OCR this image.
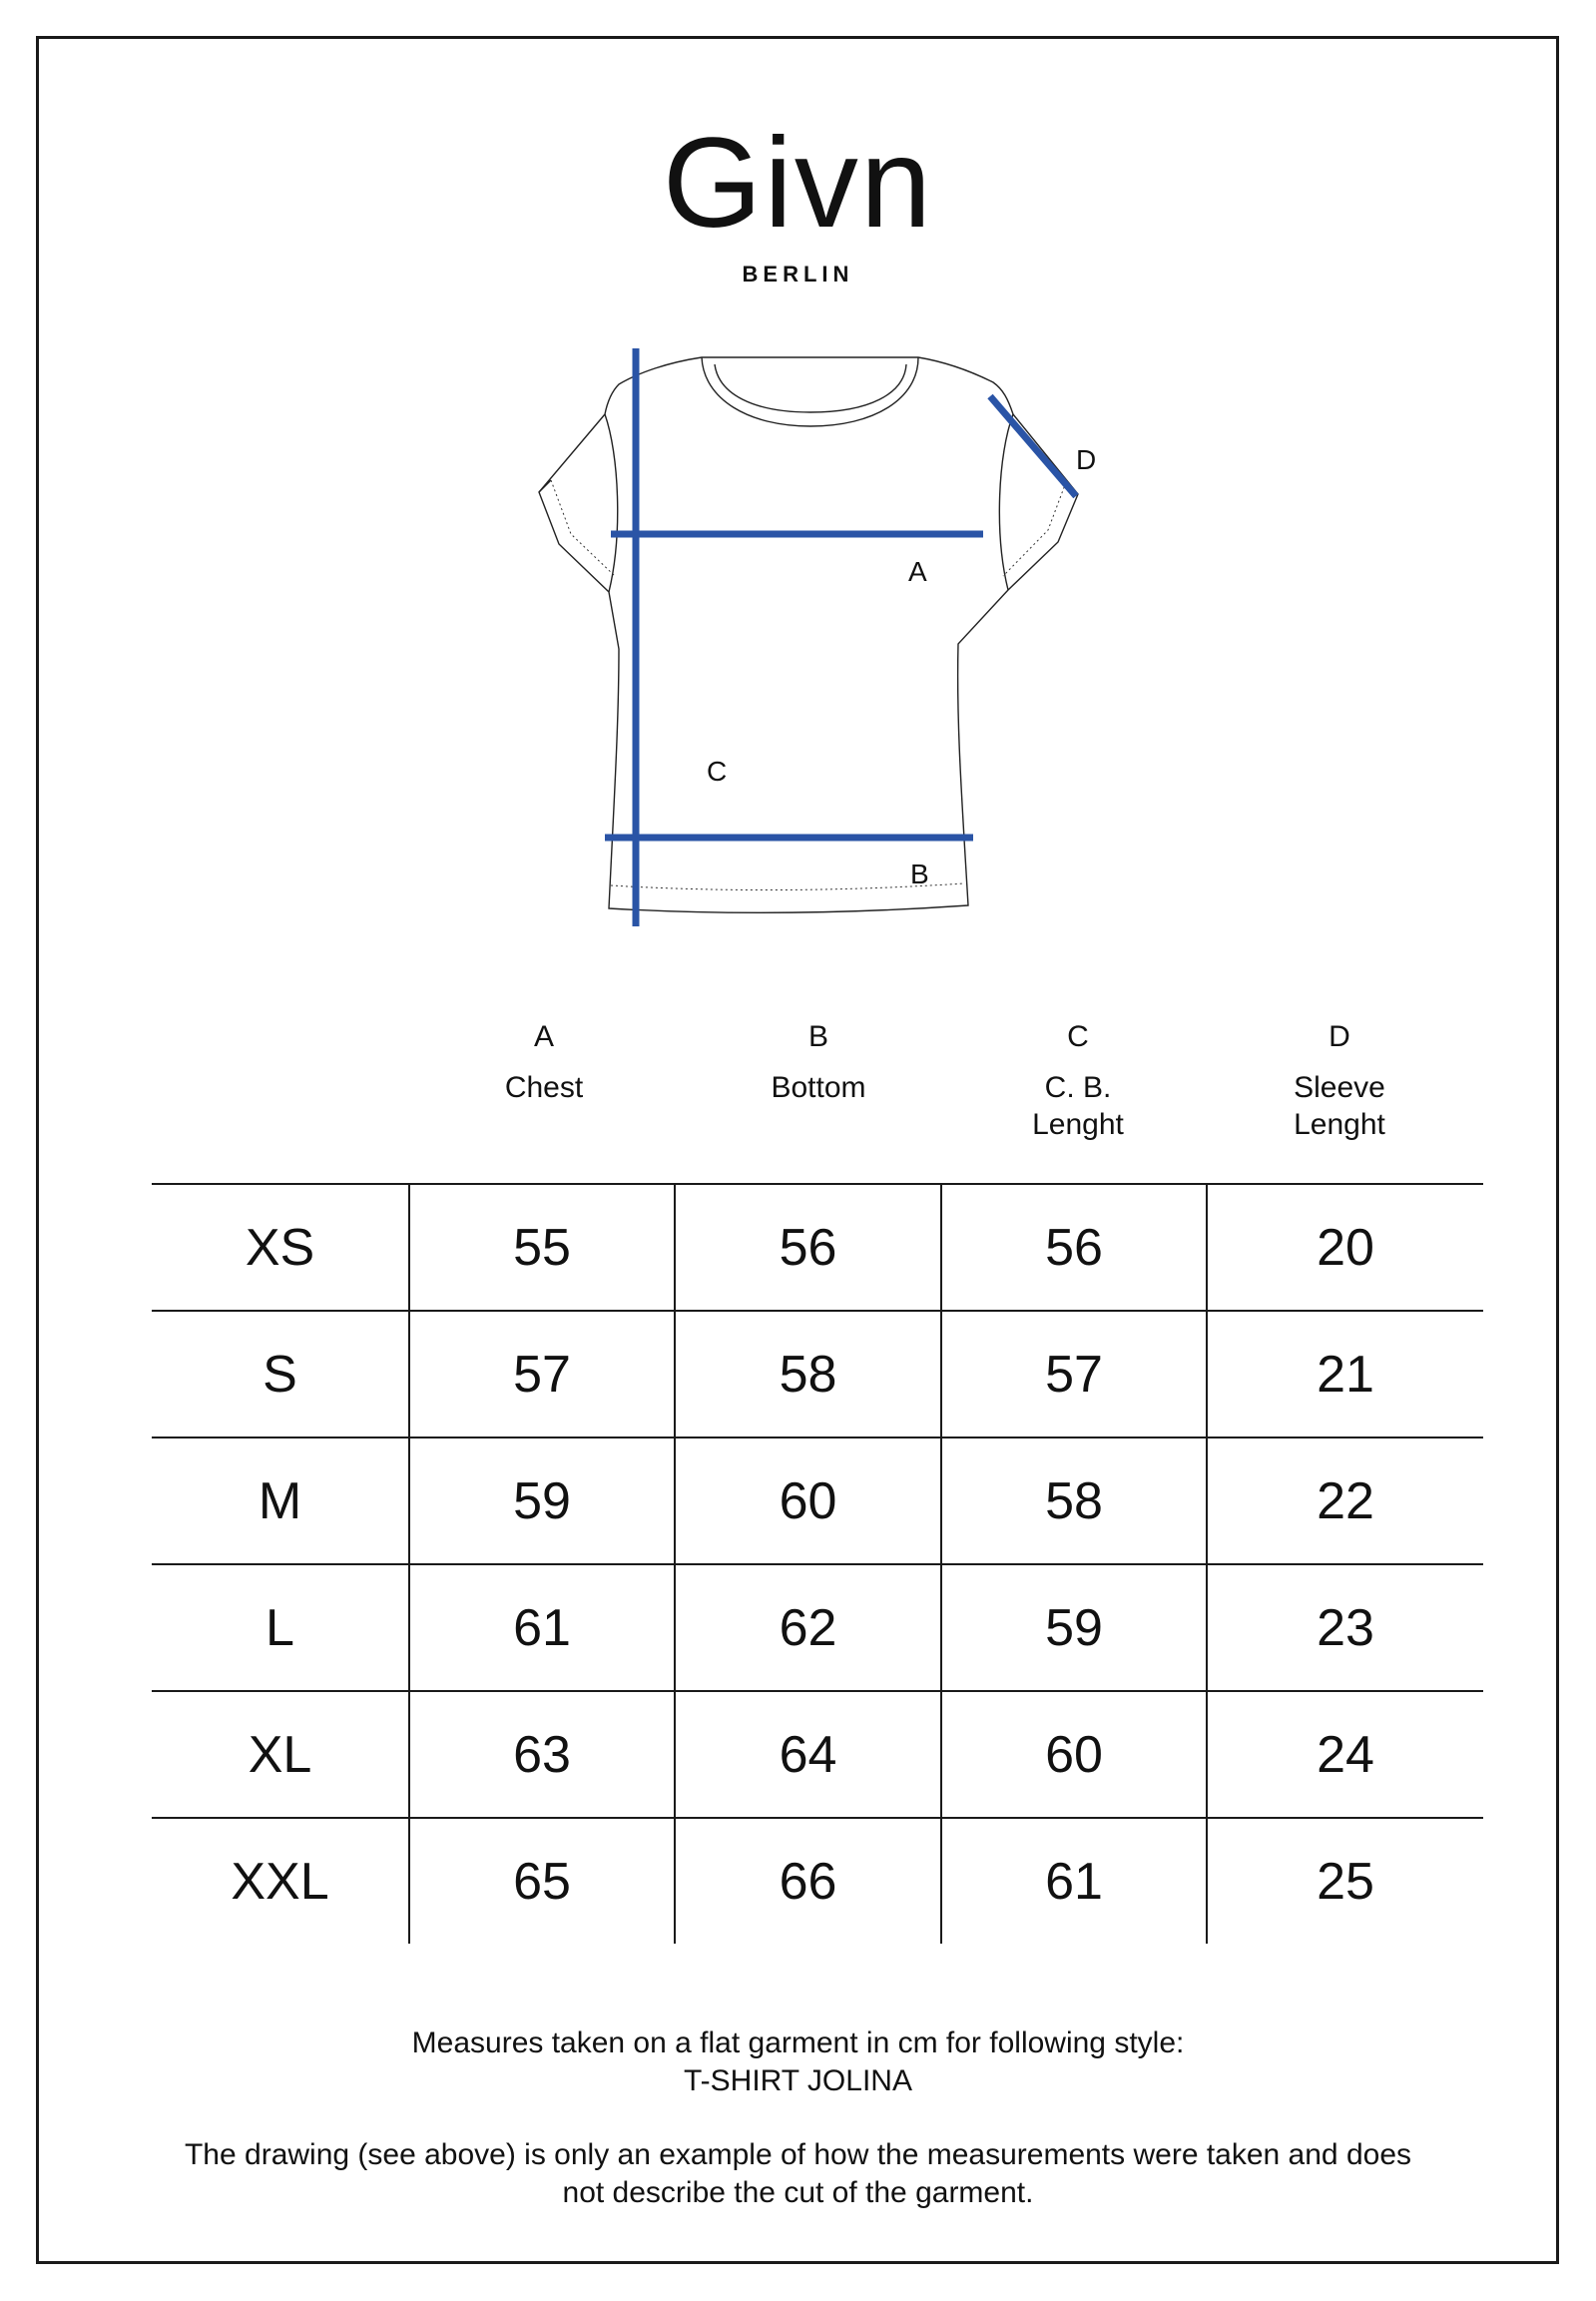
Givn
BERLIN
A
B
C
D
A
Chest
B
Bottom
C
C. B. Lenght
D
Sleeve Lenght
XS	55	56	56	20
S	57	58	57	21
M	59	60	58	22
L	61	62	59	23
XL	63	64	60	24
XXL	65	66	61	25
Measures taken on a flat garment in cm for following style:
T-SHIRT JOLINA
The drawing (see above) is only an example of how the measurements were taken and does
not describe the cut of the garment.
